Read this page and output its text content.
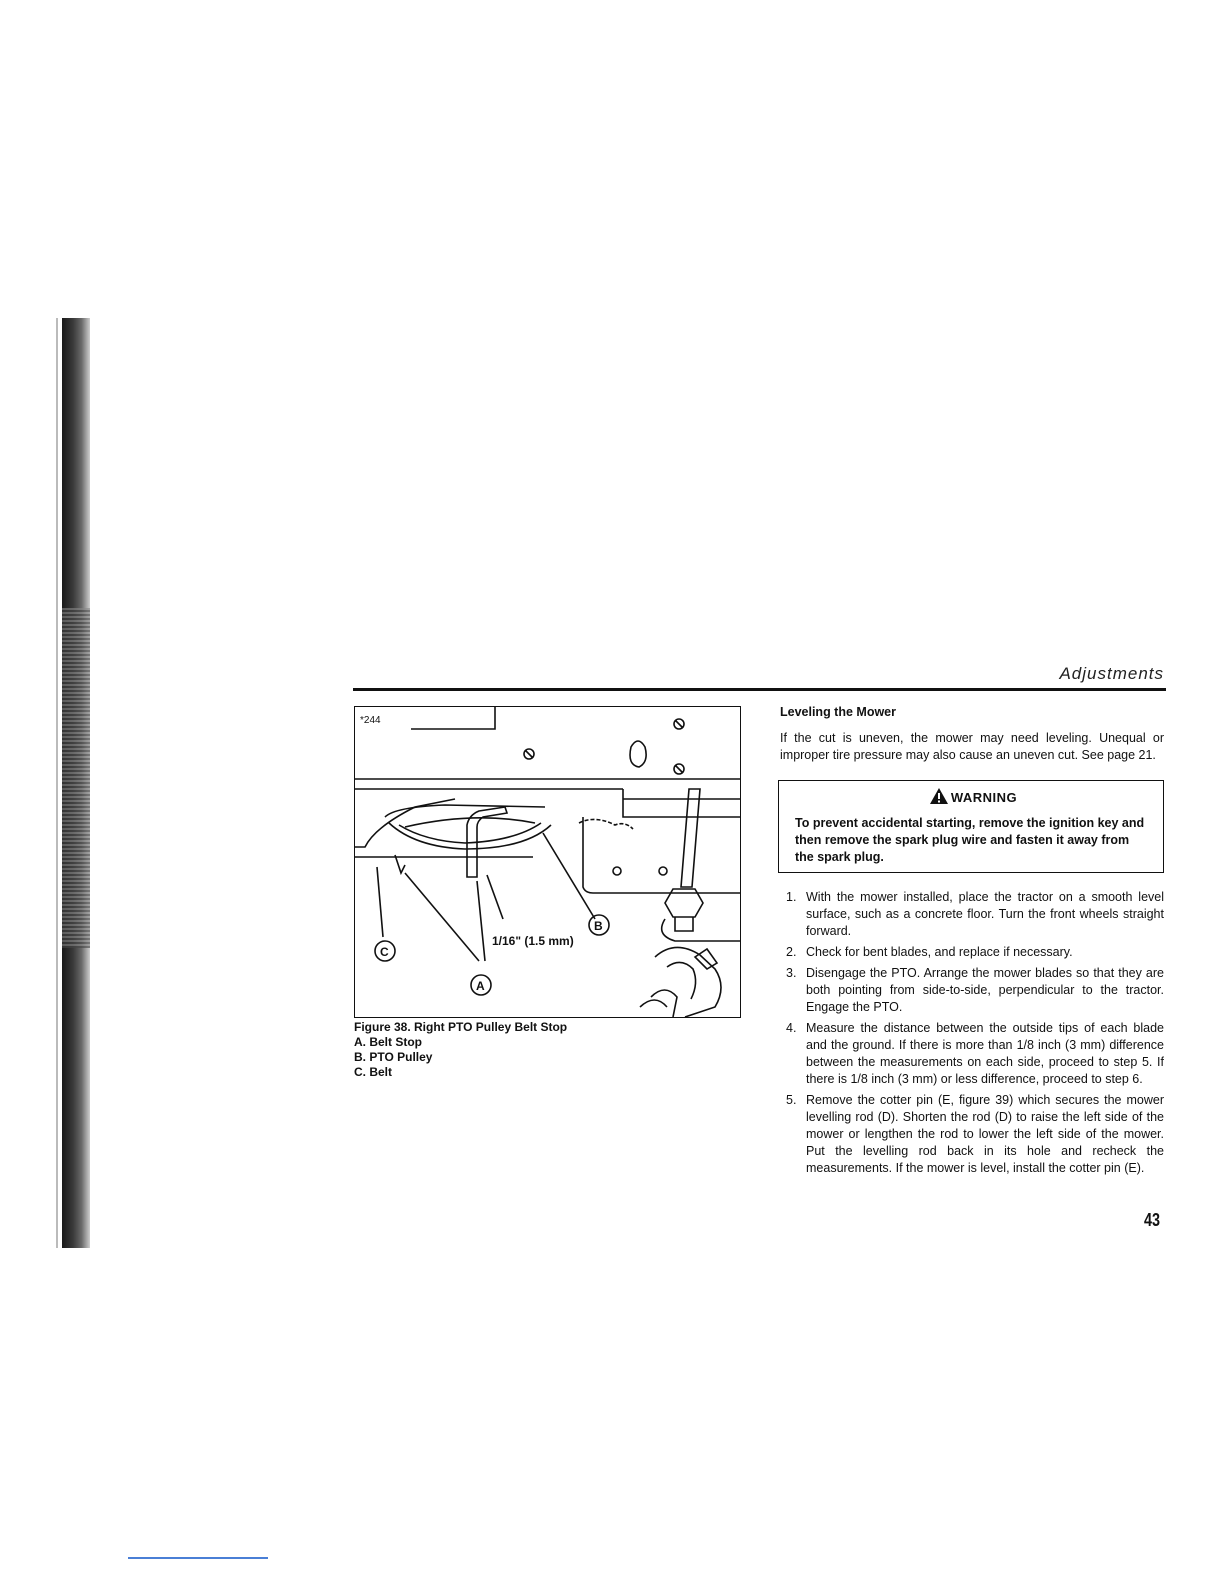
Adjustments
*244
1/16" (1.5 mm)
C
A
B
Figure 38. Right PTO Pulley Belt Stop
A. Belt Stop
B. PTO Pulley
C. Belt
Leveling the Mower

If the cut is uneven, the mower may need leveling. Unequal or improper tire pressure may also cause an uneven cut. See page 21.

WARNING
To prevent accidental starting, remove the ignition key and then remove the spark plug wire and fasten it away from the spark plug.
1. With the mower installed, place the tractor on a smooth level surface, such as a concrete floor. Turn the front wheels straight forward.
2. Check for bent blades, and replace if necessary.
3. Disengage the PTO. Arrange the mower blades so that they are both pointing from side-to-side, perpendicular to the tractor. Engage the PTO.
4. Measure the distance between the outside tips of each blade and the ground. If there is more than 1/8 inch (3 mm) difference between the measurements on each side, proceed to step 5. If there is 1/8 inch (3 mm) or less difference, proceed to step 6.
5. Remove the cotter pin (E, figure 39) which secures the mower levelling rod (D). Shorten the rod (D) to raise the left side of the mower or lengthen the rod to lower the left side of the mower. Put the levelling rod back in its hole and recheck the measurements. If the mower is level, install the cotter pin (E).
43
